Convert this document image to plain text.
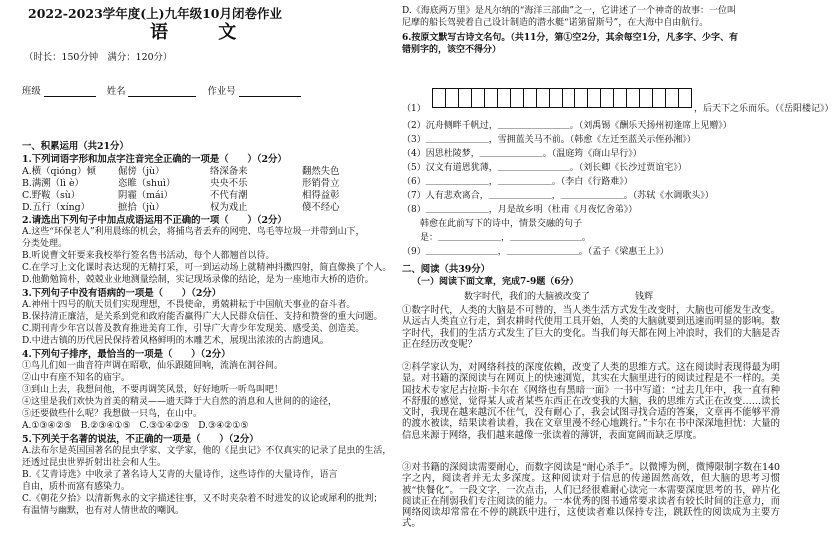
2022-2023学年度(上)九年级10月闭卷作业
语 文
（时长：150分钟　满分：120分）
班级	姓名	作业号
一、积累运用（共21分）
1.下列词语字形和加点字注音完全正确的一项是（　　）（2分）
A.横（qióng）倾 倔傍（jù）	络深备来	翻然失色
B.满溯（lì è）	恣睢（shuì）	央央不乐	形销骨立
C.野鞍（sù）	阴霾（mái）	不代有潮	相得益彰
D.五行（xíng）	摭拾（jù）	权为戏止	傻不经心
2.请选出下列句子中加点成语运用不正确的一项（　　）（2分）
A.这些“环保老人”利用晨练的机会，将捕鸟者丢弃的网兜、鸟毛等垃圾一并带到山下，
分类处理。
B.听说曹文轩要来我校举行签名售书活动，每个人都翘首以待。
C.在学习上文化课时表达现的无精打采，可一到运动场上就精神抖擞四射，简直像换了个人。
D.他勤勉简朴，兢兢业业地测量绘制，实记现场录像的结论，是为一座地市大桥的造价。
3.下列句子中没有语病的一项是（　　）（2分）
A.神州十四号的航天员们实现理想，不畏使命，勇兢耕耘于中国航天事业的奋斗者。
B.保持清正廉洁，是关系到党和政府能否赢得广大人民群众信任、支持和赞誉的重大问题。
C.期刊青少年宫以普及教育推进美育工作，引导广大青少年发现美、感受美、创造美。
D.中进古镇的历代居民保持着风格鲜明的木雕艺术，展现出浓浓的古韵遗风。
4.下列句子排序，最恰当的一项是（　　）（2分）
①鸟儿们如一曲音符声调在昭歌，仙乐跟随回响，流淌在洞谷间。
②山中有座不知名的庙宇。
③到山上去，我想问他，不要再调笑风景，好好地听一听鸟叫吧！
④这里是我们欢快为首美的精灵——遗天降于大自然的消息和人世间的的途径，
⑤还要做些什么呢？我想做一只鸟，在山中。
A.①③④②⑤　B.②③④①⑤　C.③①④②⑤　D.③④②①⑤
5.下列关于名著的说法，不正确的一项是（　　）（2分）
A.法布尔是英国国著名的昆虫学家、文学家，他的《昆虫记》不仅真实的记录了昆虫的生活，
还透过昆虫世界折射出社会和人生。
B.《艾青诗选》中收录了著名诗人艾青的大量诗作，这些诗作的大量诗作，语言
自由，质朴而富有感染力。
C.《朝花夕拾》以清新隽永的文字描述往事，又不时夹杂着不时进发的议论或犀利的批判；
有温情与幽默，也有对人情世故的嘲讽。
D.《海底两万里》是凡尔纳的“海洋三部曲”之一，它讲述了一个神奇的故事：一位叫
尼摩的船长驾驶着自己设计制造的潜水艇“诺第留斯号”，在大海中自由航行。
6.按原文默写古诗文名句。（共11分，第①空2分，其余每空1分，凡多字、少字、有
错别字的，该空不得分）
（1）	，后天下之乐而乐。（《岳阳楼记》）
（2）沉舟侧畔千帆过，＿＿＿＿＿＿＿＿。（刘禹锡《酬乐天扬州初逢席上见赠》）
（3）＿＿＿＿＿＿＿，雪拥蓝关马不前。（韩愈《左迁至蓝关示侄孙湘》）
（4）因思杜陵梦，＿＿＿＿＿＿＿。（温庭筠《商山早行》）
（5）汉文有道恩犹薄，＿＿＿＿＿＿＿＿。（刘长卿《长沙过贾谊宅》）
（6）＿＿＿＿＿＿＿，＿＿＿＿＿＿。（李白《行路难》）
（7）人有悲欢离合，＿＿＿＿＿＿＿，＿＿＿＿＿＿＿。（苏轼《水调歌头》）
（8）＿＿＿＿＿＿＿，月是故乡明（杜甫《月夜忆舍弟》）
　　韩愈在此前写下的诗中，情景交融的句子
　　是：＿＿＿＿＿＿＿，＿＿＿＿＿＿＿＿。
（9）＿＿＿＿＿＿＿＿，＿＿＿＿＿＿＿＿。（孟子《梁惠王上》）
二、阅读（共39分）
（一）阅读下面文章，完成7-9题（6分）
数字时代，我们的大脑被改变了　　　　　钱辉
①数字时代，人类的大脑是不可替的，当人类生活方式发生改变时，大脑也可能发生改变。从远古人类直立行走，到农耕时代使用工具开始，人类的大脑就要到迅速而明显的影响。数字时代，我们的生活方式发生了巨大的变化。当我们每天都在网上冲浪时，我们的大脑是否正在经历改变呢？
②科学家认为，对网络科技的深度依赖，改变了人类的思维方式。这在阅读时表现得最为明显。对书籍的深阅读与在网页上的快速浏览，其实在大脑里进行的阅读过程是不一样的。美国技术专家尼古拉斯·卡尔在《网络也有黑暗一面》一书中写道：“过去几年中，我一直有种不舒服的感觉，觉得某人或者某些东西正在改变我的大脑，我的思维方式正在改变……读长文时，我现在越来越沉不住气，没有耐心了，我会试图寻找合适的答案，文章再不能够平滑的渡水被读，结果读着读着，我在文章里漫不经心地跳行。”卡尔在书中深深地担忧：大量的信息来源于网络，我们越来越像一张读着的薄饼，表面宽阔而缺乏厚度。
③对书籍的深阅读需要耐心，而数字阅读是“耐心杀手”。以微博为例，微博限制字数在140字之内，阅读者并无太多深度。这种阅读对于信息的传递固然高效，但大脑的思考习惯被“快餐化”。一段文字，一次点击，人们已经很难耐心读完一本需要深度思考的书，碎片化阅读正在削弱我们专注阅读的能力。一本优秀的图书通常要求读者有较长时间的注意力，而网络阅读却常常在不停的跳跃中进行，这使读者难以保持专注，跳跃性的阅读成为主要方式。
